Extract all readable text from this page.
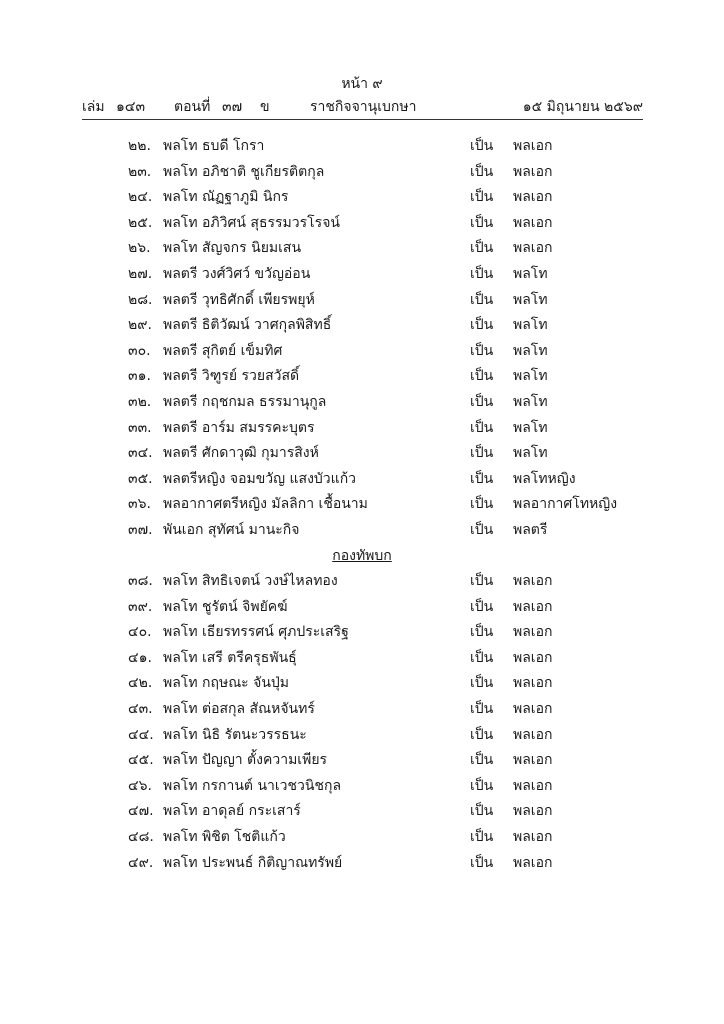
หน้า ๙
เล่ม ๑๔๓ ตอนที่ ๓๗ ข	ราชกิจจานุเบกษา	๑๕ มิถุนายน ๒๕๖๙
๒๒. พลโท ธบดี โกรา	เป็น พลเอก
๒๓. พลโท อภิชาติ ชูเกียรติตกุล	เป็น พลเอก
๒๔. พลโท ณัฏฐาภูมิ นิกร	เป็น พลเอก
๒๕. พลโท อภิวิศน์ สุธรรมวรโรจน์	เป็น พลเอก
๒๖. พลโท สัญจกร นิยมเสน	เป็น พลเอก
๒๗. พลตรี วงศ์วิศว์ ขวัญอ่อน	เป็น พลโท
๒๘. พลตรี วุทธิศักดิ์ เพียรพยุห์	เป็น พลโท
๒๙. พลตรี ธิติวัฒน์ วาศกุลพิสิทธิ์	เป็น พลโท
๓๐. พลตรี สุกิตย์ เข็มทิศ	เป็น พลโท
๓๑. พลตรี วิฑูรย์ รวยสวัสดิ์	เป็น พลโท
๓๒. พลตรี กฤชกมล ธรรมานุกูล	เป็น พลโท
๓๓. พลตรี อาร์ม สมรรคะบุตร	เป็น พลโท
๓๔. พลตรี ศักดาวุฒิ กุมารสิงห์	เป็น พลโท
๓๕. พลตรีหญิง จอมขวัญ แสงบัวแก้ว	เป็น พลโทหญิง
๓๖. พลอากาศตรีหญิง มัลลิกา เชื้อนาม	เป็น พลอากาศโทหญิง
๓๗. พันเอก สุทัศน์ มานะกิจ	เป็น พลตรี
กองทัพบก
๓๘. พลโท สิทธิเจตน์ วงษ์ไหลทอง	เป็น พลเอก
๓๙. พลโท ชูรัตน์ จิพยัคฆ์	เป็น พลเอก
๔๐. พลโท เธียรทรรศน์ ศุภประเสริฐ	เป็น พลเอก
๔๑. พลโท เสรี ตรีครุธพันธุ์	เป็น พลเอก
๔๒. พลโท กฤษณะ จันปุ่ม	เป็น พลเอก
๔๓. พลโท ต่อสกุล สัณหจันทร์	เป็น พลเอก
๔๔. พลโท นิธิ รัตนะวรรธนะ	เป็น พลเอก
๔๕. พลโท ปัญญา ตั้งความเพียร	เป็น พลเอก
๔๖. พลโท กรกานต์ นาเวชวนิชกุล	เป็น พลเอก
๔๗. พลโท อาดุลย์ กระเสาร์	เป็น พลเอก
๔๘. พลโท พิชิต โชติแก้ว	เป็น พลเอก
๔๙. พลโท ประพนธ์ กิติญาณทรัพย์	เป็น พลเอก
